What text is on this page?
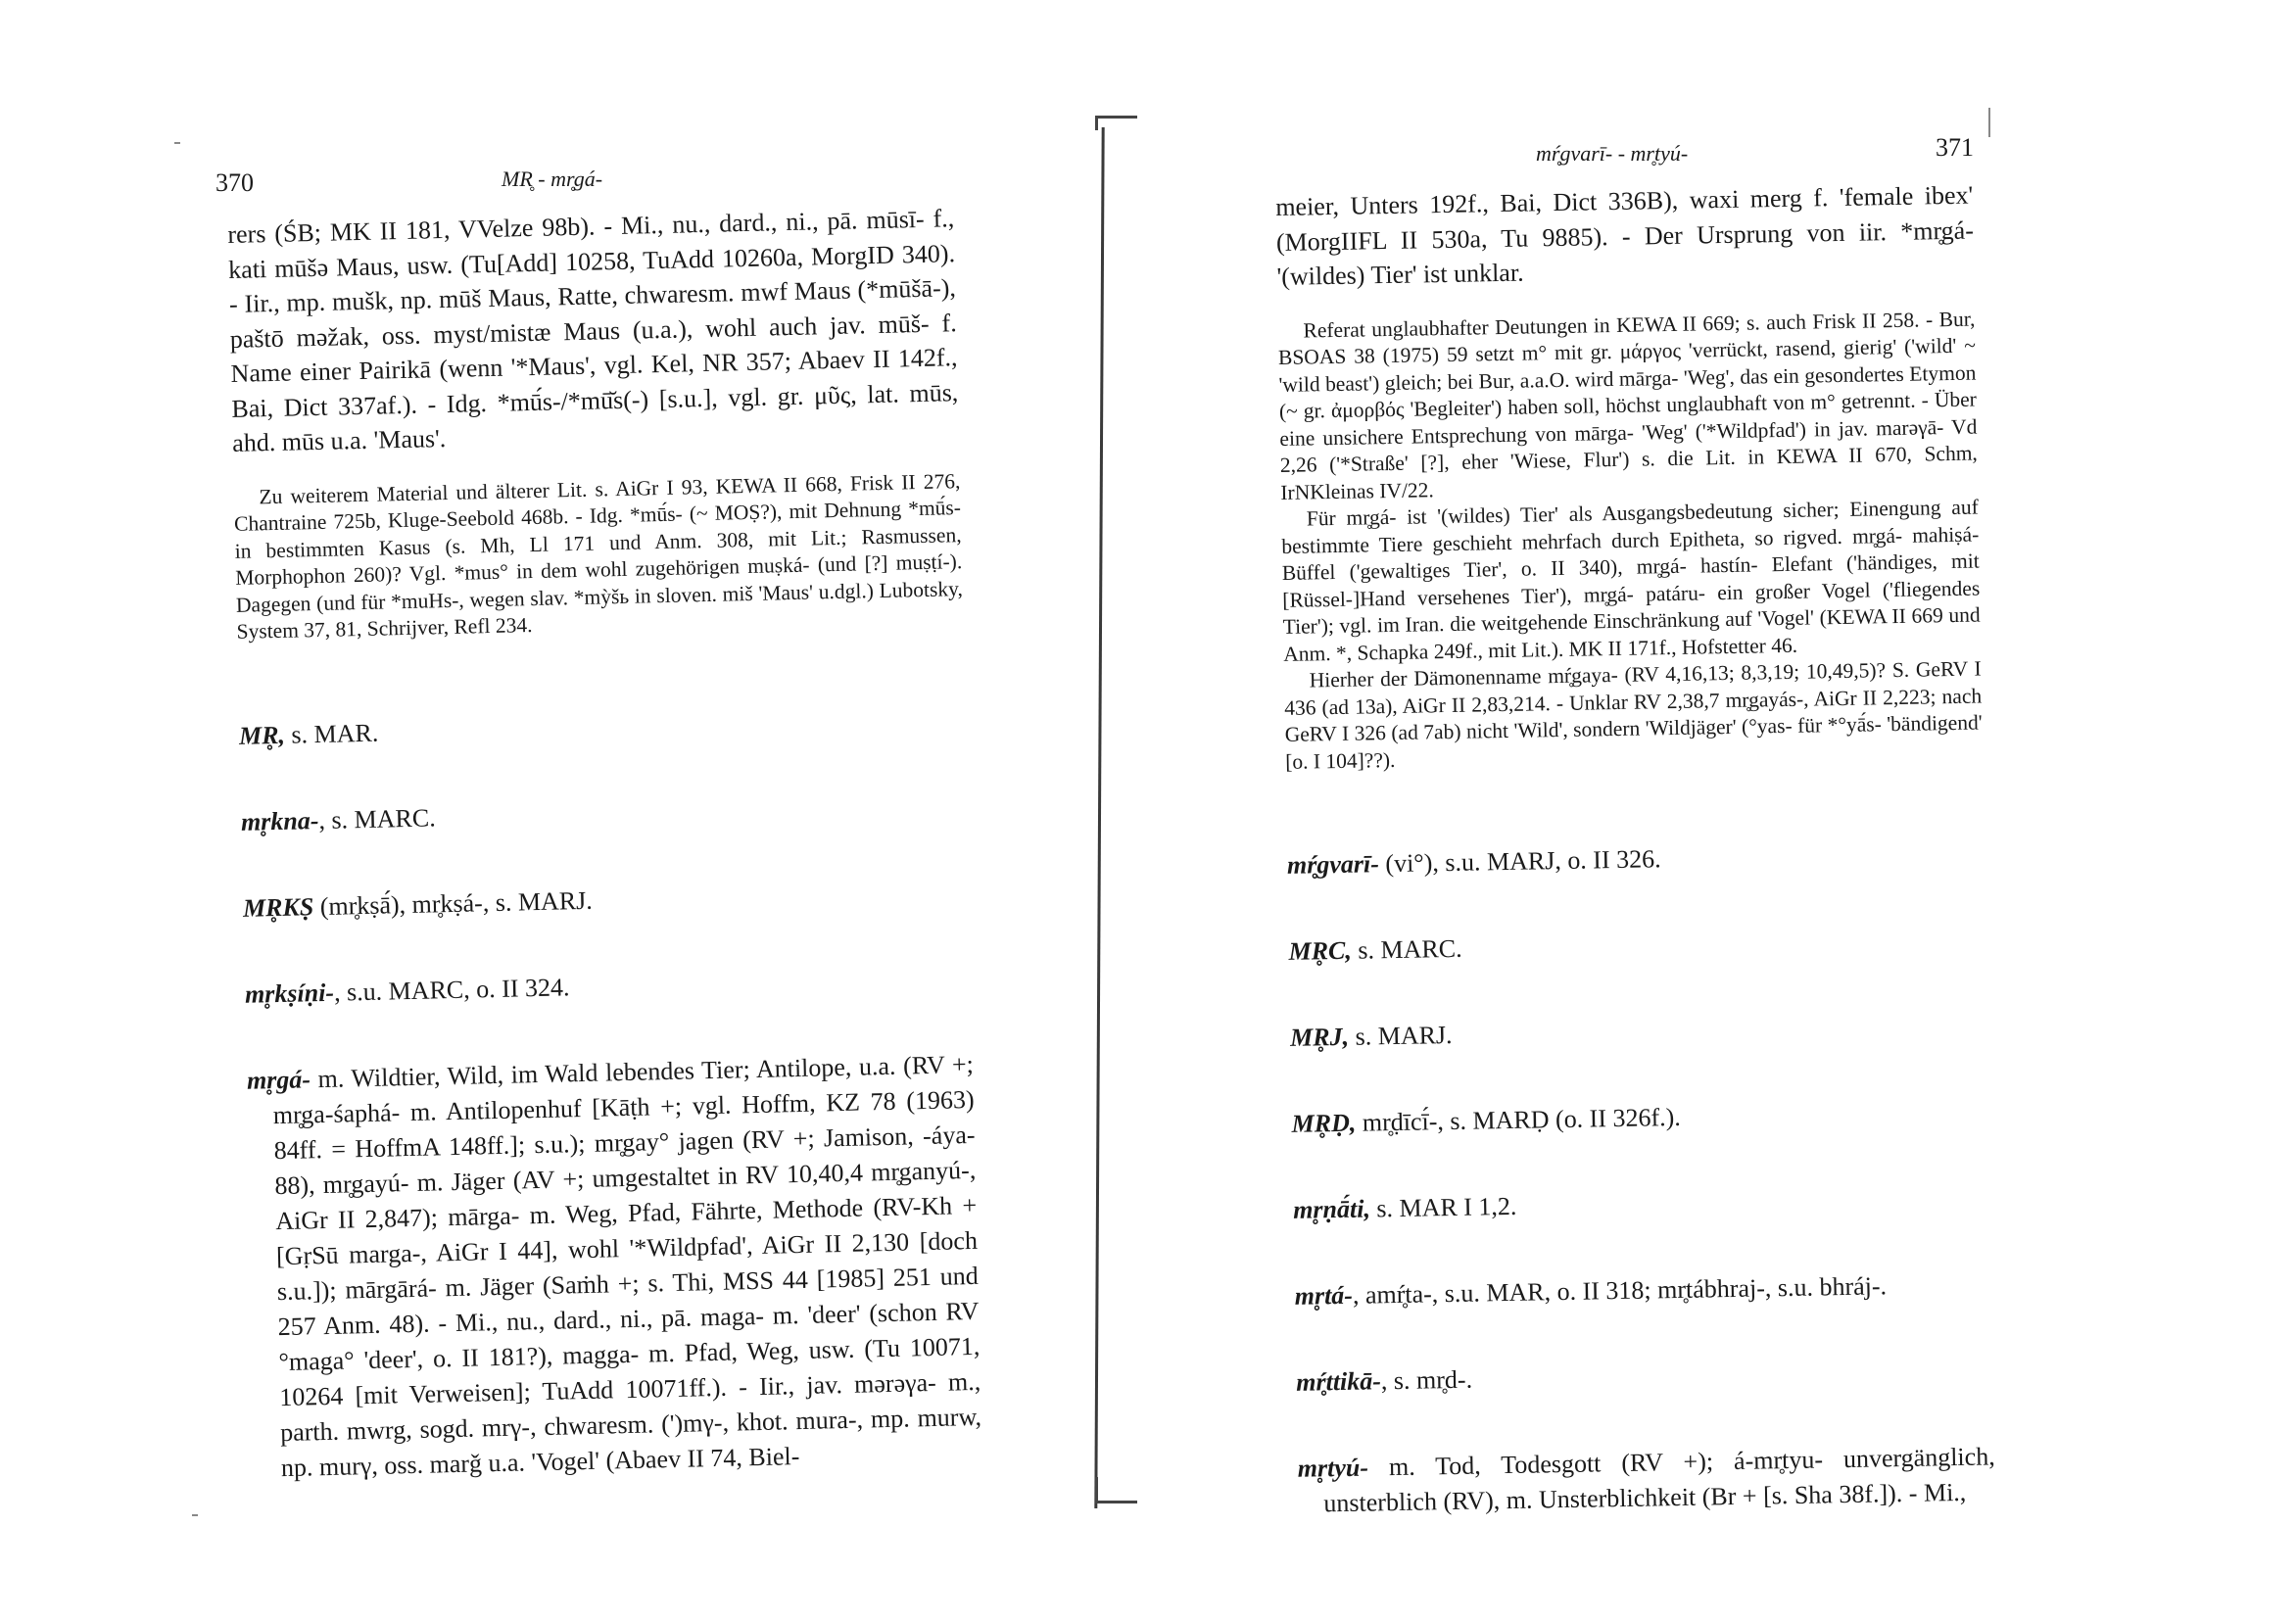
370	MR̥ - mr̥gá-

rers (ŚB; MK II 181, VVelze 98b). - Mi., nu., dard., ni., pā. mūsī- f., kati mūšə Maus, usw. (Tu[Add] 10258, TuAdd 10260a, MorgID 340). - Iir., mp. mušk, np. mūš Maus, Ratte, chwaresm. mwf Maus (*mūšā-), paštō məžak, oss. myst/mistæ Maus (u.a.), wohl auch jav. mūš- f. Name einer Pairikā (wenn '*Maus', vgl. Kel, NR 357; Abaev II 142f., Bai, Dict 337af.). - Idg. *mū́s-/*mū̆s(-) [s.u.], vgl. gr. μῦς, lat. mūs, ahd. mūs u.a. 'Maus'.

Zu weiterem Material und älterer Lit. s. AiGr I 93, KEWA II 668, Frisk II 276, Chantraine 725b, Kluge-Seebold 468b. - Idg. *mū́s- (~ MOṢ?), mit Dehnung *mū́s- in bestimmten Kasus (s. Mh, Ll 171 und Anm. 308, mit Lit.; Rasmussen, Morphophon 260)? Vgl. *mus° in dem wohl zugehörigen muṣká- (und [?] muṣṭí-). Dagegen (und für *muHs-, wegen slav. *mỳšь in sloven. miš 'Maus' u.dgl.) Lubotsky, System 37, 81, Schrijver, Refl 234.

MR̥, s. MAR.

mr̥kna-, s. MARC.

MR̥KṢ (mr̥kṣā́), mr̥kṣá-, s. MARJ.

mr̥kṣíṇi-, s.u. MARC, o. II 324.

mr̥gá- m. Wildtier, Wild, im Wald lebendes Tier; Antilope, u.a. (RV +; mr̥ga-śaphá- m. Antilopenhuf [Kāṭh +; vgl. Hoffm, KZ 78 (1963) 84ff. = HoffmA 148ff.]; s.u.); mr̥gay° jagen (RV +; Jamison, -áya- 88), mr̥gayú- m. Jäger (AV +; umgestaltet in RV 10,40,4 mr̥ganyú-, AiGr II 2,847); mārga- m. Weg, Pfad, Fährte, Methode (RV-Kh + [GṛSū marga-, AiGr I 44], wohl '*Wildpfad', AiGr II 2,130 [doch s.u.]); mārgārá- m. Jäger (Saṁh +; s. Thi, MSS 44 [1985] 251 und 257 Anm. 48). - Mi., nu., dard., ni., pā. maga- m. 'deer' (schon RV °maga° 'deer', o. II 181?), magga- m. Pfad, Weg, usw. (Tu 10071, 10264 [mit Verweisen]; TuAdd 10071ff.). - Iir., jav. mərəγa- m., parth. mwrg, sogd. mrγ-, chwaresm. (')mγ-, khot. mura-, mp. murw, np. murγ, oss. marǧ u.a. 'Vogel' (Abaev II 74, Biel-

mŕ̥gvarī- - mr̥tyú-	371

meier, Unters 192f., Bai, Dict 336B), waxi merg f. 'female ibex' (MorgIIFL II 530a, Tu 9885). - Der Ursprung von iir. *mr̥gá- '(wildes) Tier' ist unklar.

Referat unglaubhafter Deutungen in KEWA II 669; s. auch Frisk II 258. - Bur, BSOAS 38 (1975) 59 setzt m° mit gr. μάργος 'verrückt, rasend, gierig' ('wild' ~ 'wild beast') gleich; bei Bur, a.a.O. wird mārga- 'Weg', das ein gesondertes Etymon (~ gr. ἀμορβός 'Begleiter') haben soll, höchst unglaubhaft von m° getrennt. - Über eine unsichere Entsprechung von mārga- 'Weg' ('*Wildpfad') in jav. marəγā- Vd 2,26 ('*Straße' [?], eher 'Wiese, Flur') s. die Lit. in KEWA II 670, Schm, IrNKleinas IV/22.

Für mr̥gá- ist '(wildes) Tier' als Ausgangsbedeutung sicher; Einengung auf bestimmte Tiere geschieht mehrfach durch Epitheta, so rigved. mr̥gá- mahiṣá- Büffel ('gewaltiges Tier', o. II 340), mr̥gá- hastín- Elefant ('händiges, mit [Rüssel-]Hand versehenes Tier'), mr̥gá- patáru- ein großer Vogel ('fliegendes Tier'); vgl. im Iran. die weitgehende Einschränkung auf 'Vogel' (KEWA II 669 und Anm. *, Schapka 249f., mit Lit.). MK II 171f., Hofstetter 46.

Hierher der Dämonenname mŕ̥gaya- (RV 4,16,13; 8,3,19; 10,49,5)? S. GeRV I 436 (ad 13a), AiGr II 2,83,214. - Unklar RV 2,38,7 mr̥gayás-, AiGr II 2,223; nach GeRV I 326 (ad 7ab) nicht 'Wild', sondern 'Wildjäger' (°yas- für *°yā́s- 'bändigend' [o. I 104]??).

mŕ̥gvarī- (vi°), s.u. MARJ, o. II 326.

MR̥C, s. MARC.

MR̥J, s. MARJ.

MR̥Ḍ, mr̥ḍīcī́-, s. MARḌ (o. II 326f.).

mr̥ṇā́ti, s. MAR I 1,2.

mr̥tá-, amŕ̥ta-, s.u. MAR, o. II 318; mr̥tábhraj-, s.u. bhráj-.

mŕ̥ttikā-, s. mr̥d-.

mr̥tyú- m. Tod, Todesgott (RV +); á-mr̥tyu- unvergänglich, unsterblich (RV), m. Unsterblichkeit (Br + [s. Sha 38f.]). - Mi.,
